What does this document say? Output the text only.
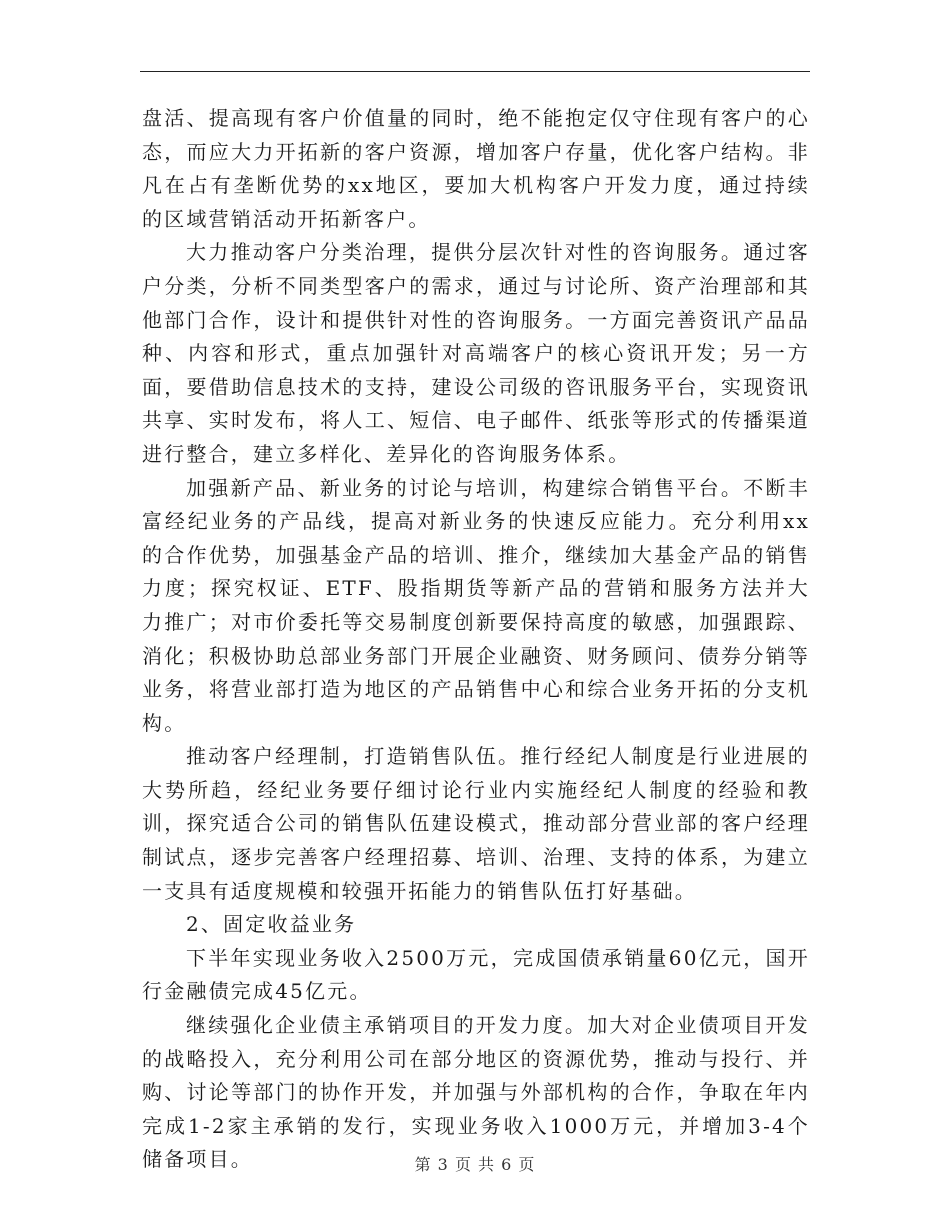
盘活、提高现有客户价值量的同时，绝不能抱定仅守住现有客户的心态，而应大力开拓新的客户资源，增加客户存量，优化客户结构。非凡在占有垄断优势的xx地区，要加大机构客户开发力度，通过持续的区域营销活动开拓新客户。

大力推动客户分类治理，提供分层次针对性的咨询服务。通过客户分类，分析不同类型客户的需求，通过与讨论所、资产治理部和其他部门合作，设计和提供针对性的咨询服务。一方面完善资讯产品品种、内容和形式，重点加强针对高端客户的核心资讯开发；另一方面，要借助信息技术的支持，建设公司级的咨讯服务平台，实现资讯共享、实时发布，将人工、短信、电子邮件、纸张等形式的传播渠道进行整合，建立多样化、差异化的咨询服务体系。

加强新产品、新业务的讨论与培训，构建综合销售平台。不断丰富经纪业务的产品线，提高对新业务的快速反应能力。充分利用xx的合作优势，加强基金产品的培训、推介，继续加大基金产品的销售力度；探究权证、ETF、股指期货等新产品的营销和服务方法并大力推广；对市价委托等交易制度创新要保持高度的敏感，加强跟踪、消化；积极协助总部业务部门开展企业融资、财务顾问、债券分销等业务，将营业部打造为地区的产品销售中心和综合业务开拓的分支机构。

推动客户经理制，打造销售队伍。推行经纪人制度是行业进展的大势所趋，经纪业务要仔细讨论行业内实施经纪人制度的经验和教训，探究适合公司的销售队伍建设模式，推动部分营业部的客户经理制试点，逐步完善客户经理招募、培训、治理、支持的体系，为建立一支具有适度规模和较强开拓能力的销售队伍打好基础。

2、固定收益业务

下半年实现业务收入2500万元，完成国债承销量60亿元，国开行金融债完成45亿元。

继续强化企业债主承销项目的开发力度。加大对企业债项目开发的战略投入，充分利用公司在部分地区的资源优势，推动与投行、并购、讨论等部门的协作开发，并加强与外部机构的合作，争取在年内完成1-2家主承销的发行，实现业务收入1000万元，并增加3-4个储备项目。	第 3 页 共 6 页
